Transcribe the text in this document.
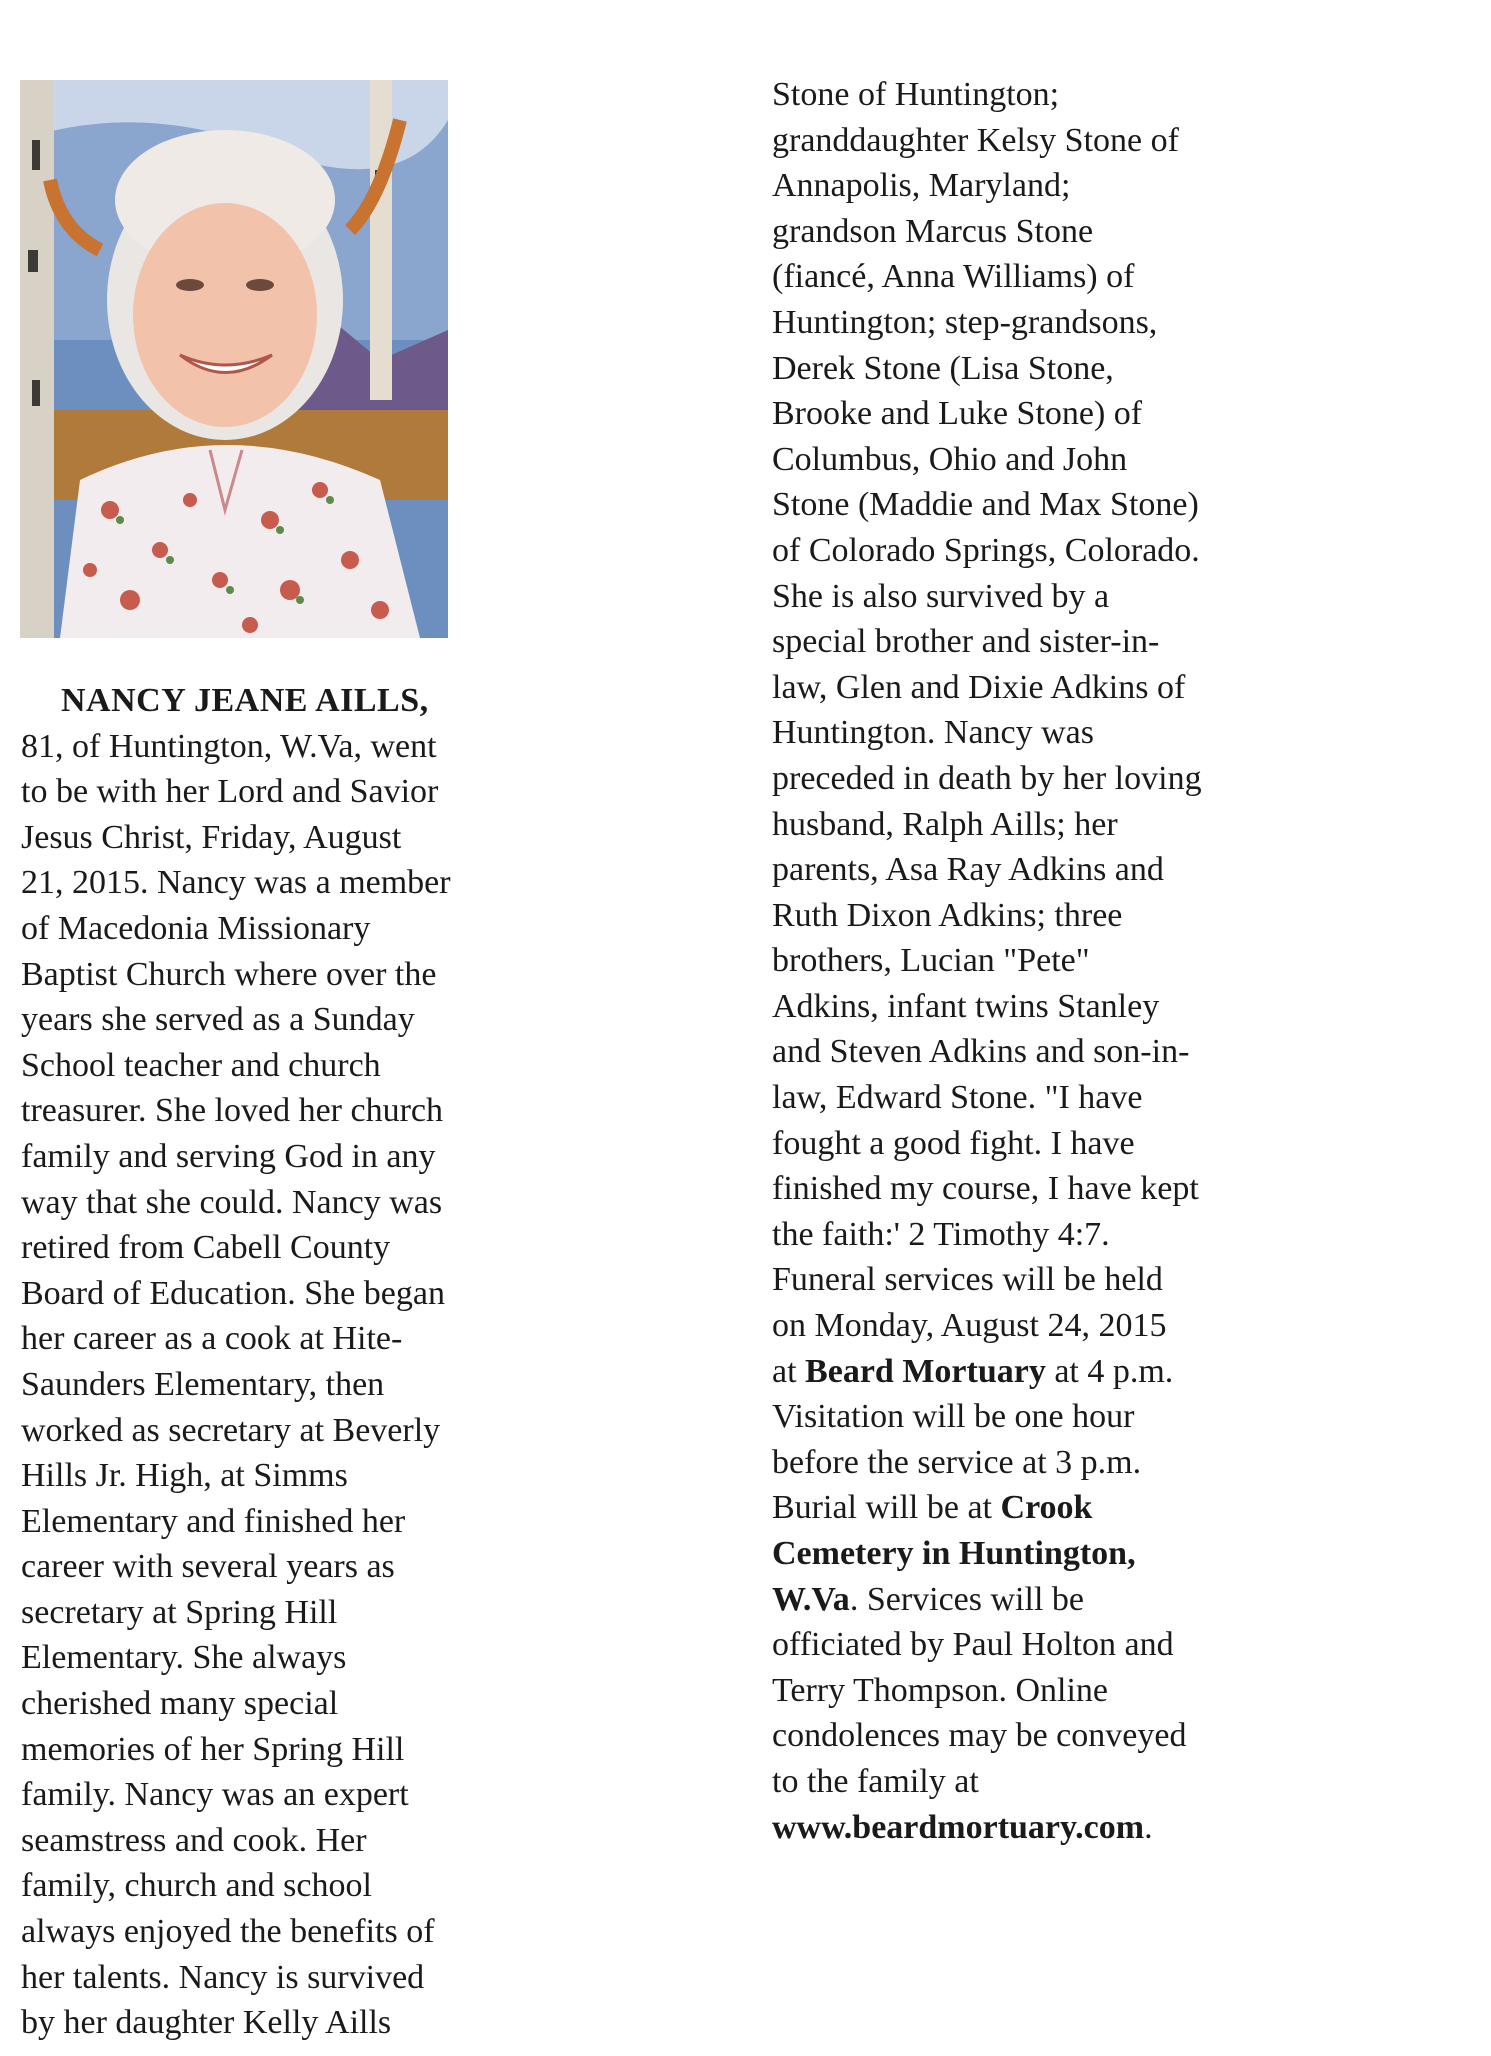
NANCY JEANE AILLS,
81, of Huntington, W.Va, went
to be with her Lord and Savior
Jesus Christ, Friday, August
21, 2015. Nancy was a member
of Macedonia Missionary
Baptist Church where over the
years she served as a Sunday
School teacher and church
treasurer. She loved her church
family and serving God in any
way that she could. Nancy was
retired from Cabell County
Board of Education. She began
her career as a cook at Hite-
Saunders Elementary, then
worked as secretary at Beverly
Hills Jr. High, at Simms
Elementary and finished her
career with several years as
secretary at Spring Hill
Elementary. She always
cherished many special
memories of her Spring Hill
family. Nancy was an expert
seamstress and cook. Her
family, church and school
always enjoyed the benefits of
her talents. Nancy is survived
by her daughter Kelly Aills
Stone of Huntington;
granddaughter Kelsy Stone of
Annapolis, Maryland;
grandson Marcus Stone
(fiancé, Anna Williams) of
Huntington; step-grandsons,
Derek Stone (Lisa Stone,
Brooke and Luke Stone) of
Columbus, Ohio and John
Stone (Maddie and Max Stone)
of Colorado Springs, Colorado.
She is also survived by a
special brother and sister-in-
law, Glen and Dixie Adkins of
Huntington. Nancy was
preceded in death by her loving
husband, Ralph Aills; her
parents, Asa Ray Adkins and
Ruth Dixon Adkins; three
brothers, Lucian "Pete"
Adkins, infant twins Stanley
and Steven Adkins and son-in-
law, Edward Stone. "I have
fought a good fight. I have
finished my course, I have kept
the faith:' 2 Timothy 4:7.
Funeral services will be held
on Monday, August 24, 2015
at Beard Mortuary at 4 p.m.
Visitation will be one hour
before the service at 3 p.m.
Burial will be at Crook
Cemetery in Huntington,
W.Va. Services will be
officiated by Paul Holton and
Terry Thompson. Online
condolences may be conveyed
to the family at
www.beardmortuary.com.
